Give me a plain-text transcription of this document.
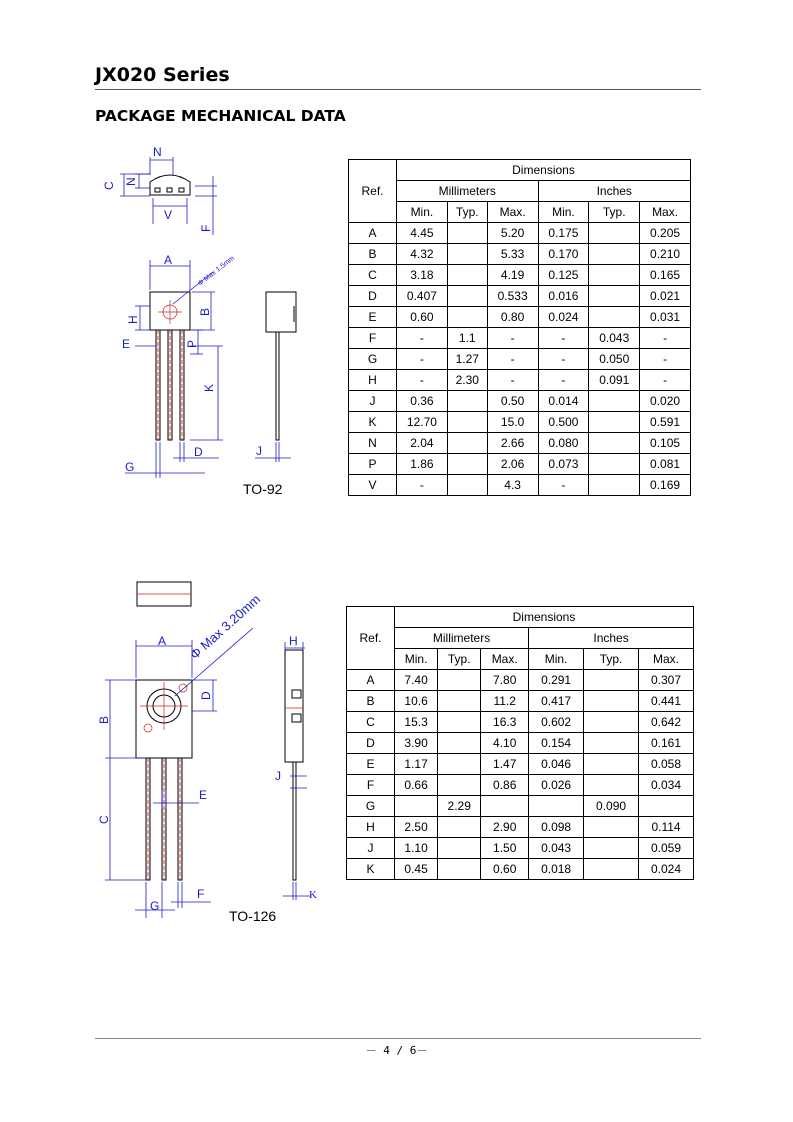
JX020 Series
PACKAGE MECHANICAL DATA
N
C N
V
F
A	Φ Max 1.5mm
B
H
E	P
K
G
D	J
TO-92
Ref.	Dimensions					
	Millimeters			Inches		
	Min.	Typ.	Max.	Min.	Typ.	Max.
A	4.45		5.20	0.175		0.205
B	4.32		5.33	0.170		0.210
C	3.18		4.19	0.125		0.165
D	0.407		0.533	0.016		0.021
E	0.60		0.80	0.024		0.031
F	-	1.1	-	-	0.043	-
G	-	1.27	-	-	0.050	-
H	-	2.30	-	-	0.091	-
J	0.36		0.50	0.014		0.020
K	12.70		15.0	0.500		0.591
N	2.04		2.66	0.080		0.105
P	1.86		2.06	0.073		0.081
V	-		4.3	-		0.169
A Φ Max 3.20mm
D
B
C
E
G
F
H
J
K
TO-126
Ref.	Dimensions					
	Millimeters			Inches		
	Min.	Typ.	Max.	Min.	Typ.	Max.
A	7.40		7.80	0.291		0.307
B	10.6		11.2	0.417		0.441
C	15.3		16.3	0.602		0.642
D	3.90		4.10	0.154		0.161
E	1.17		1.47	0.046		0.058
F	0.66		0.86	0.026		0.034
G		2.29			0.090	
H	2.50		2.90	0.098		0.114
J	1.10		1.50	0.043		0.059
K	0.45		0.60	0.018		0.024
－ 4 / 6－
